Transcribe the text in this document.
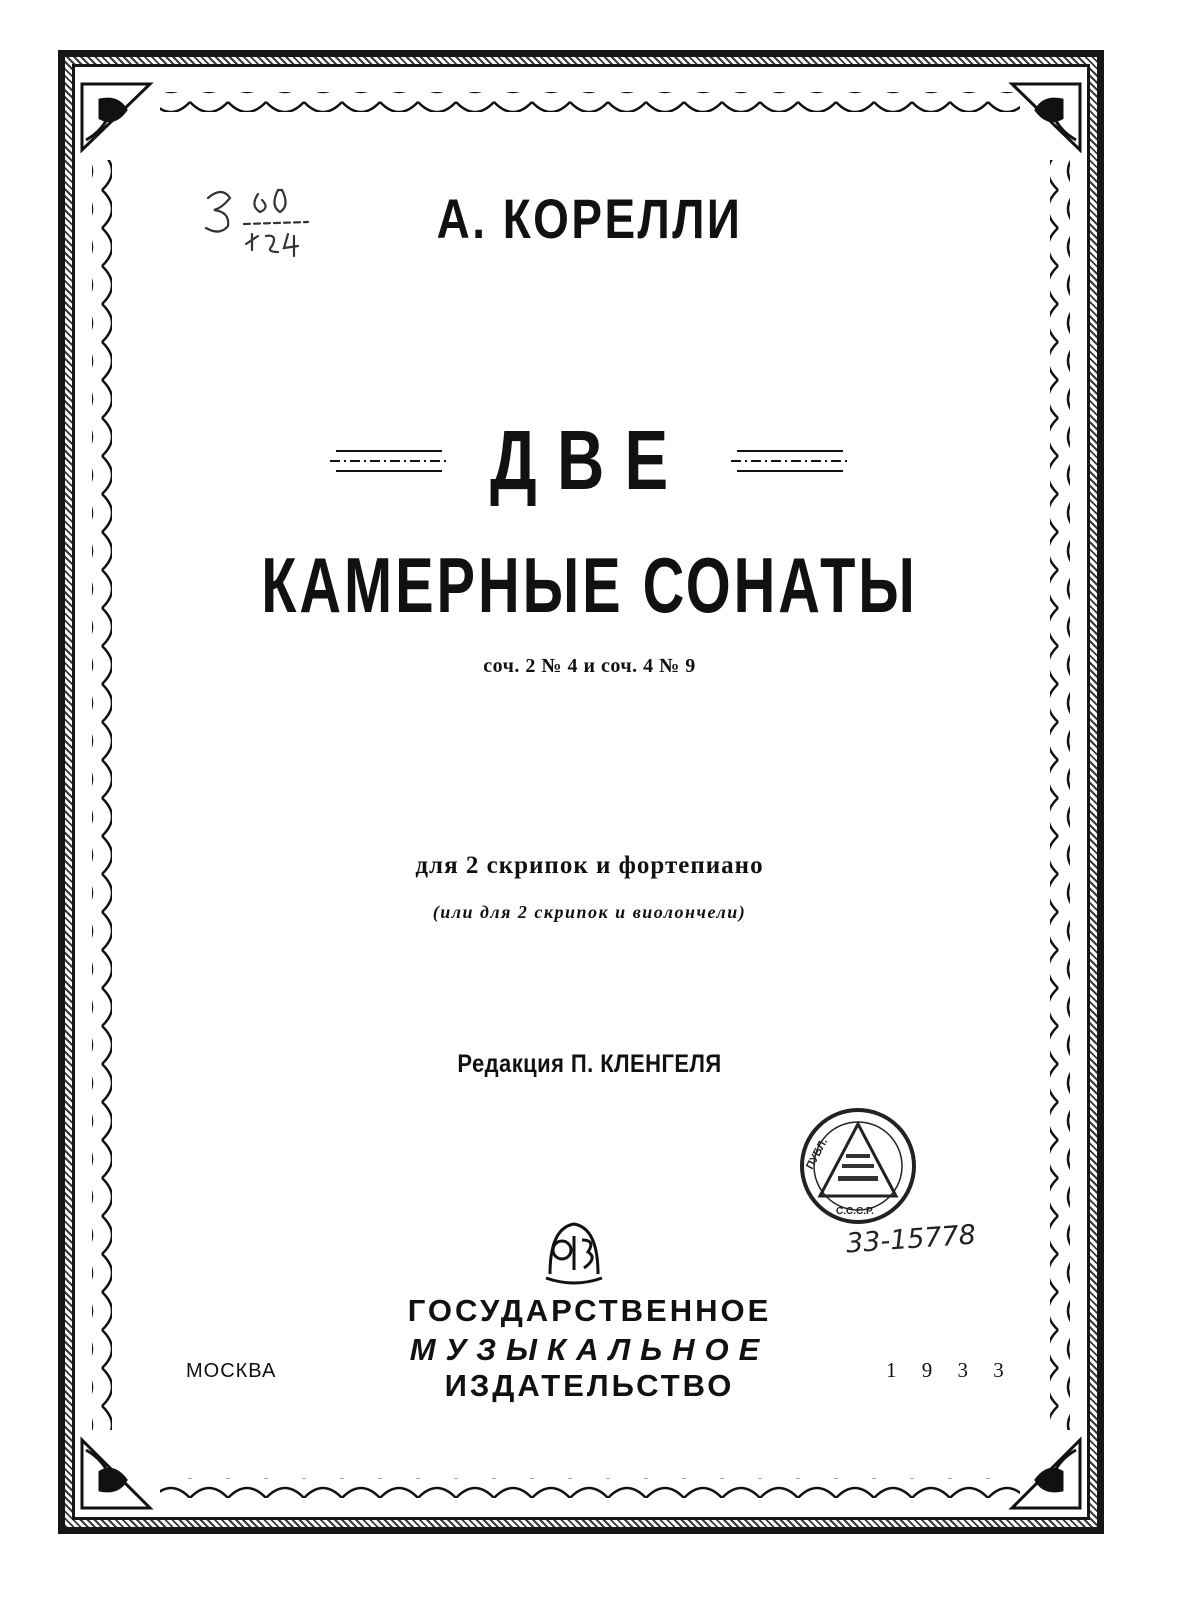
А. КОРЕЛЛИ
ДВЕ
КАМЕРНЫЕ СОНАТЫ
соч. 2 № 4 и соч. 4 № 9
для 2 скрипок и фортепиано
(или для 2 скрипок и виолончели)
Редакция П. КЛЕНГЕЛЯ
ПУБЛ.
С.С.С.Р.
33-15778
ГОСУДАРСТВЕННОЕ
МУЗЫКАЛЬНОЕ
ИЗДАТЕЛЬСТВО
МОСКВА	1 9 3 3
